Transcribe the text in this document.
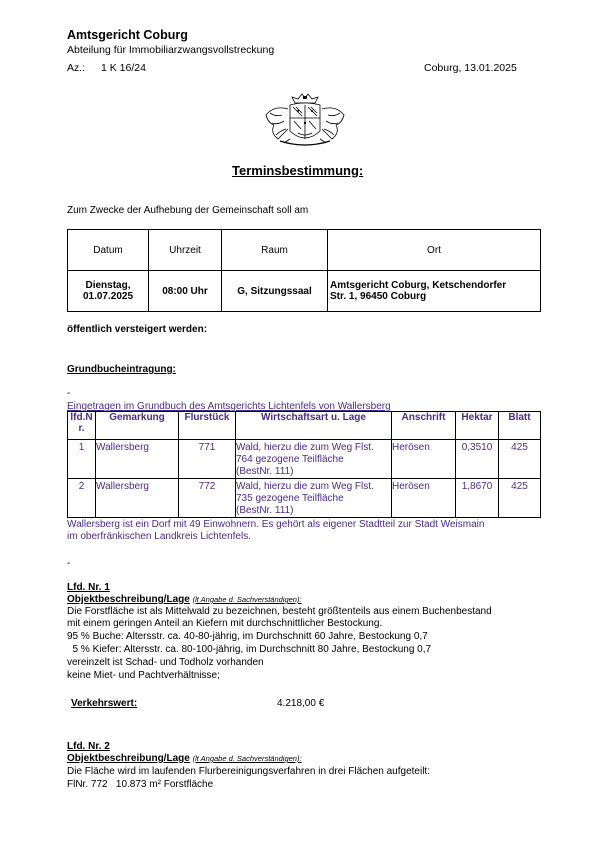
Amtsgericht Coburg
Abteilung für Immobiliarzwangsvollstreckung
Az.: 1 K 16/24	Coburg, 13.01.2025
Terminsbestimmung:
Zum Zwecke der Aufhebung der Gemeinschaft soll am
Datum	Uhrzeit	Raum	Ort
Dienstag,
01.07.2025	08:00 Uhr	G, Sitzungssaal	Amtsgericht Coburg, Ketschendorfer
Str. 1, 96450 Coburg
öffentlich versteigert werden:
Grundbucheintragung:
-
Eingetragen im Grundbuch des Amtsgerichts Lichtenfels von Wallersberg
lfd.N r.	Gemarkung	Flurstück	Wirtschaftsart u. Lage	Anschrift	Hektar	Blatt
1	Wallersberg	771	Wald, hierzu die zum Weg Flst.
764 gezogene Teilfläche
(BestNr. 111)	Herösen	0,3510	425
2	Wallersberg	772	Wald, hierzu die zum Weg Flst.
735 gezogene Teilfläche
(BestNr. 111)	Herösen	1,8670	425
Wallersberg ist ein Dorf mit 49 Einwohnern. Es gehört als eigener Stadtteil zur Stadt Weismain
im oberfränkischen Landkreis Lichtenfels.
-
Lfd. Nr. 1
Objektbeschreibung/Lage (lt Angabe d. Sachverständigen):
Die Forstfläche ist als Mittelwald zu bezeichnen, besteht größtenteils aus einem Buchenbestand
mit einem geringen Anteil an Kiefern mit durchschnittlicher Bestockung.
95 % Buche: Altersstr. ca. 40-80-jährig, im Durchschnitt 60 Jahre, Bestockung 0,7
5 % Kiefer: Altersstr. ca. 80-100-jährig, im Durchschnitt 80 Jahre, Bestockung 0,7
vereinzelt ist Schad- und Todholz vorhanden
keine Miet- und Pachtverhältnisse;
Verkehrswert:	4.218,00 €
Lfd. Nr. 2
Objektbeschreibung/Lage (lt Angabe d. Sachverständigen):
Die Fläche wird im laufenden Flurbereinigungsverfahren in drei Flächen aufgeteilt:
FlNr. 772   10.873 m² Forstfläche
